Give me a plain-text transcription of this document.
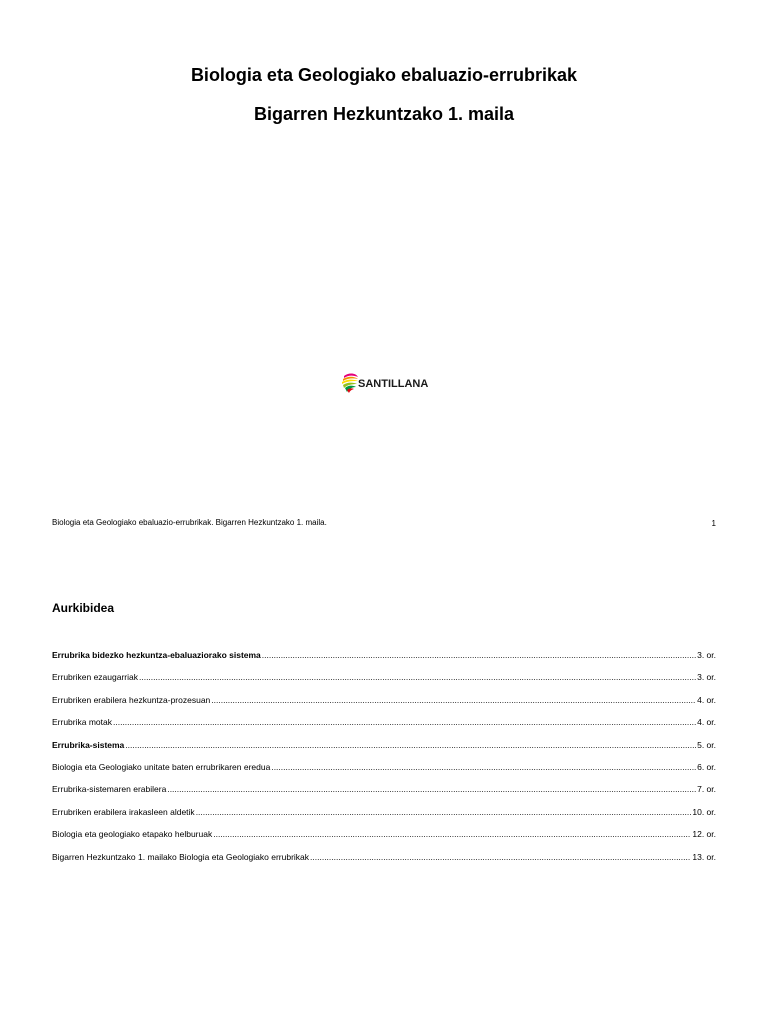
Biologia eta Geologiako ebaluazio-errubrikak
Bigarren Hezkuntzako 1. maila
SANTILLANA
Biologia eta Geologiako ebaluazio-errubrikak. Bigarren Hezkuntzako 1. maila.	1
Aurkibidea
Errubrika bidezko hezkuntza-ebaluaziorako sistema .....	3. or.
Errubriken ezaugarriak .....	3. or.
Errubriken erabilera hezkuntza-prozesuan .....	4. or.
Errubrika motak .....	4. or.
Errubrika-sistema .....	5. or.
Biologia eta Geologiako unitate baten errubrikaren eredua .....	6. or.
Errubrika-sistemaren erabilera .....	7. or.
Errubriken erabilera irakasleen aldetik .....	10. or.
Biologia eta geologiako etapako helburuak .....	12. or.
Bigarren Hezkuntzako 1. mailako Biologia eta Geologiako errubrikak .....	13. or.
